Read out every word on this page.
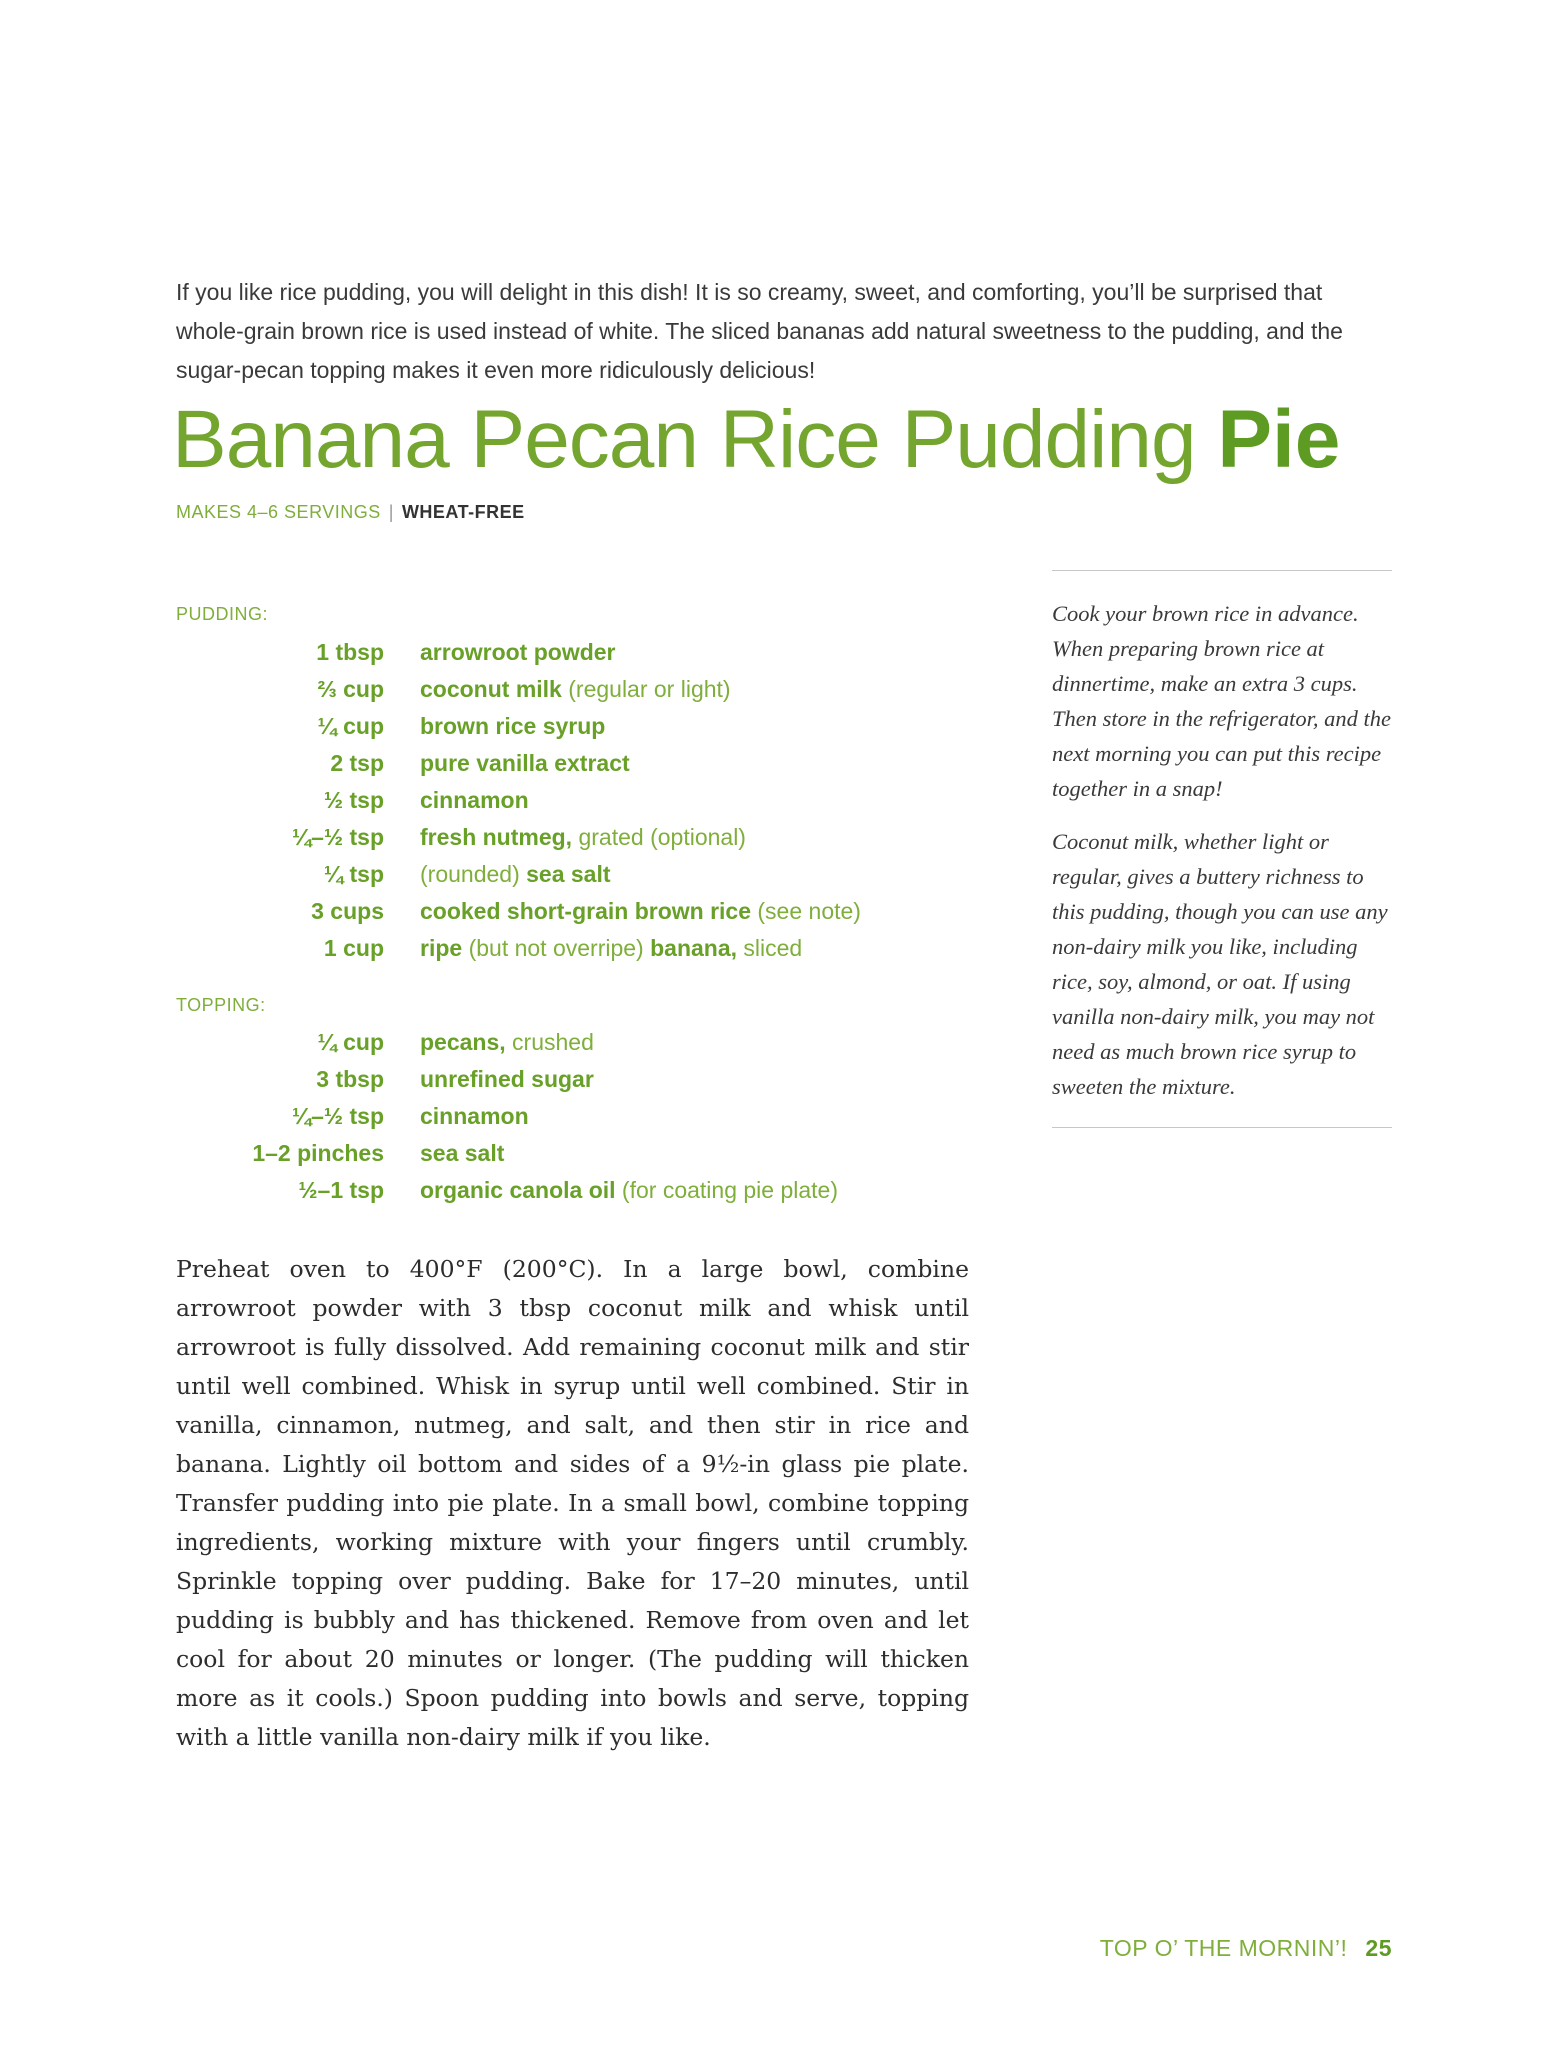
If you like rice pudding, you will delight in this dish! It is so creamy, sweet, and comforting, you’ll be surprised that whole-grain brown rice is used instead of white. The sliced bananas add natural sweetness to the pudding, and the sugar-pecan topping makes it even more ridiculously delicious!

Banana Pecan Rice Pudding Pie
MAKES 4–6 SERVINGS | WHEAT-FREE
PUDDING:
1 tbsp arrowroot powder
⅔ cup coconut milk (regular or light)
¼ cup brown rice syrup
2 tsp pure vanilla extract
½ tsp cinnamon
¼–½ tsp fresh nutmeg, grated (optional)
¼ tsp (rounded) sea salt
3 cups cooked short-grain brown rice (see note)
1 cup ripe (but not overripe) banana, sliced
TOPPING:
¼ cup pecans, crushed
3 tbsp unrefined sugar
¼–½ tsp cinnamon
1–2 pinches sea salt
½–1 tsp organic canola oil (for coating pie plate)

Preheat oven to 400°F (200°C). In a large bowl, combine arrowroot powder with 3 tbsp coconut milk and whisk until arrowroot is fully dissolved. Add remaining coconut milk and stir until well combined. Whisk in syrup until well combined. Stir in vanilla, cinnamon, nutmeg, and salt, and then stir in rice and banana. Lightly oil bottom and sides of a 9½-in glass pie plate. Transfer pudding into pie plate. In a small bowl, combine topping ingredients, working mixture with your fingers until crumbly. Sprinkle topping over pudding. Bake for 17–20 minutes, until pudding is bubbly and has thickened. Remove from oven and let cool for about 20 minutes or longer. (The pudding will thicken more as it cools.) Spoon pudding into bowls and serve, topping with a little vanilla non-dairy milk if you like.

Cook your brown rice in advance. When preparing brown rice at dinnertime, make an extra 3 cups. Then store in the refrigerator, and the next morning you can put this recipe together in a snap!

Coconut milk, whether light or regular, gives a buttery richness to this pudding, though you can use any non-dairy milk you like, including rice, soy, almond, or oat. If using vanilla non-dairy milk, you may not need as much brown rice syrup to sweeten the mixture.

TOP O’ THE MORNIN’! 25
